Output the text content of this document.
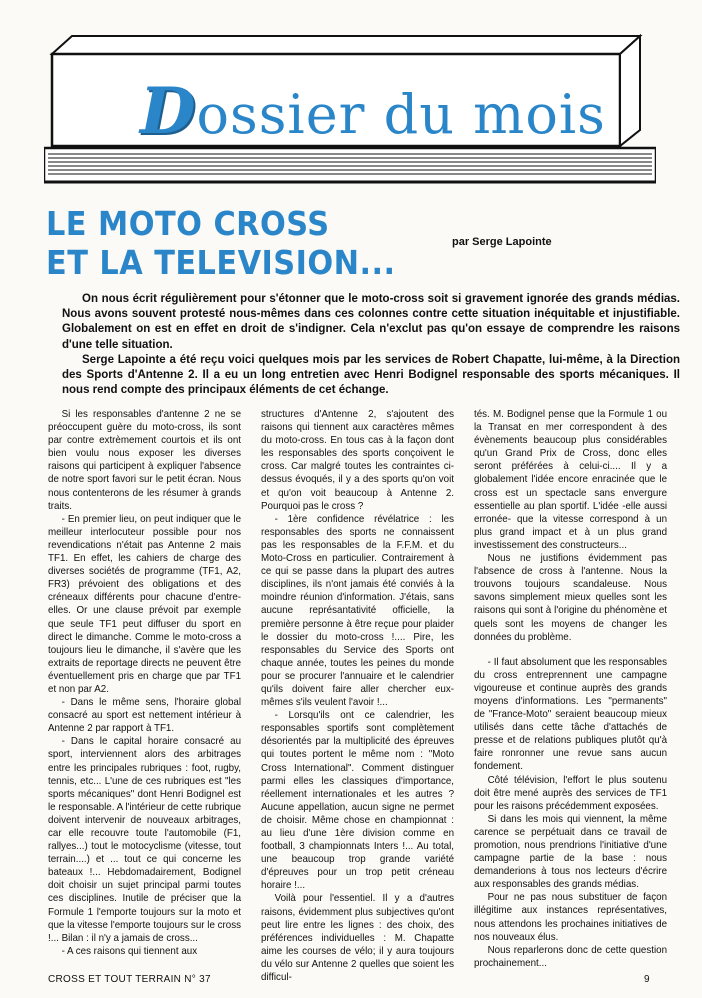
Dossier du mois
LE MOTO CROSS
ET LA TELEVISION...
par Serge Lapointe

On nous écrit régulièrement pour s'étonner que le moto-cross soit si gravement ignorée des grands médias. Nous avons souvent protesté nous-mêmes dans ces colonnes contre cette situation inéquitable et injustifiable. Globalement on est en effet en droit de s'indigner. Cela n'exclut pas qu'on essaye de comprendre les raisons d'une telle situation.

Serge Lapointe a été reçu voici quelques mois par les services de Robert Chapatte, lui-même, à la Direction des Sports d'Antenne 2. Il a eu un long entretien avec Henri Bodignel responsable des sports mécaniques. Il nous rend compte des principaux éléments de cet échange.

Si les responsables d'antenne 2 ne se préoccupent guère du moto-cross, ils sont par contre extrèmement courtois et ils ont bien voulu nous exposer les diverses raisons qui participent à expliquer l'absence de notre sport favori sur le petit écran. Nous nous contenterons de les résumer à grands traits.

- En premier lieu, on peut indiquer que le meilleur interlocuteur possible pour nos revendications n'était pas Antenne 2 mais TF1. En effet, les cahiers de charge des diverses sociétés de programme (TF1, A2, FR3) prévoient des obligations et des créneaux différents pour chacune d'entre-elles. Or une clause prévoit par exemple que seule TF1 peut diffuser du sport en direct le dimanche. Comme le moto-cross a toujours lieu le dimanche, il s'avère que les extraits de reportage directs ne peuvent être éventuellement pris en charge que par TF1 et non par A2.

- Dans le même sens, l'horaire global consacré au sport est nettement intérieur à Antenne 2 par rapport à TF1.

- Dans le capital horaire consacré au sport, interviennent alors des arbitrages entre les principales rubriques : foot, rugby, tennis, etc... L'une de ces rubriques est "les sports mécaniques" dont Henri Bodignel est le responsable. A l'intérieur de cette rubrique doivent intervenir de nouveaux arbitrages, car elle recouvre toute l'automobile (F1, rallyes...) tout le motocyclisme (vitesse, tout terrain....) et ... tout ce qui concerne les bateaux !... Hebdomadairement, Bodignel doit choisir un sujet principal parmi toutes ces disciplines. Inutile de préciser que la Formule 1 l'emporte toujours sur la moto et que la vitesse l'emporte toujours sur le cross !... Bilan : il n'y a jamais de cross...

- A ces raisons qui tiennent aux

structures d'Antenne 2, s'ajoutent des raisons qui tiennent aux caractères mêmes du moto-cross. En tous cas à la façon dont les responsables des sports conçoivent le cross. Car malgré toutes les contraintes ci-dessus évoqués, il y a des sports qu'on voit et qu'on voit beaucoup à Antenne 2. Pourquoi pas le cross ?

- 1ère confidence révélatrice : les responsables des sports ne connaissent pas les responsables de la F.F.M. et du Moto-Cross en particulier. Contrairement à ce qui se passe dans la plupart des autres disciplines, ils n'ont jamais été conviés à la moindre réunion d'information. J'étais, sans aucune représantativité officielle, la première personne à être reçue pour plaider le dossier du moto-cross !.... Pire, les responsables du Service des Sports ont chaque année, toutes les peines du monde pour se procurer l'annuaire et le calendrier qu'ils doivent faire aller chercher eux-mêmes s'ils veulent l'avoir !...

- Lorsqu'ils ont ce calendrier, les responsables sportifs sont complètement désorientés par la multiplicité des épreuves qui toutes portent le même nom : "Moto Cross International". Comment distinguer parmi elles les classiques d'importance, réellement internationales et les autres ? Aucune appellation, aucun signe ne permet de choisir. Même chose en championnat : au lieu d'une 1ère division comme en football, 3 championnats Inters !... Au total, une beaucoup trop grande variété d'épreuves pour un trop petit créneau horaire !...

Voilà pour l'essentiel. Il y a d'autres raisons, évidemment plus subjectives qu'ont peut lire entre les lignes : des choix, des préférences individuelles : M. Chapatte aime les courses de vélo; il y aura toujours du vélo sur Antenne 2 quelles que soient les difficul-

tés. M. Bodignel pense que la Formule 1 ou la Transat en mer correspondent à des évènements beaucoup plus considérables qu'un Grand Prix de Cross, donc elles seront préférées à celui-ci.... Il y a globalement l'idée encore enracinée que le cross est un spectacle sans envergure essentielle au plan sportif. L'idée -elle aussi erronée- que la vitesse correspond à un plus grand impact et à un plus grand investissement des constructeurs...

Nous ne justifions évidemment pas l'absence de cross à l'antenne. Nous la trouvons toujours scandaleuse. Nous savons simplement mieux quelles sont les raisons qui sont à l'origine du phénomène et quels sont les moyens de changer les données du problème.

- Il faut absolument que les responsables du cross entreprennent une campagne vigoureuse et continue auprès des grands moyens d'informations. Les "permanents" de "France-Moto" seraient beaucoup mieux utilisés dans cette tâche d'attachés de presse et de relations publiques plutôt qu'à faire ronronner une revue sans aucun fondement.

Côté télévision, l'effort le plus soutenu doit être mené auprès des services de TF1 pour les raisons précédemment exposées.

Si dans les mois qui viennent, la même carence se perpétuait dans ce travail de promotion, nous prendrions l'initiative d'une campagne partie de la base : nous demanderions à tous nos lecteurs d'écrire aux responsables des grands médias.

Pour ne pas nous substituer de façon illégitime aux instances représentatives, nous attendons les prochaines initiatives de nos nouveaux élus.

Nous reparlerons donc de cette question prochainement...

CROSS ET TOUT TERRAIN N° 37	9
